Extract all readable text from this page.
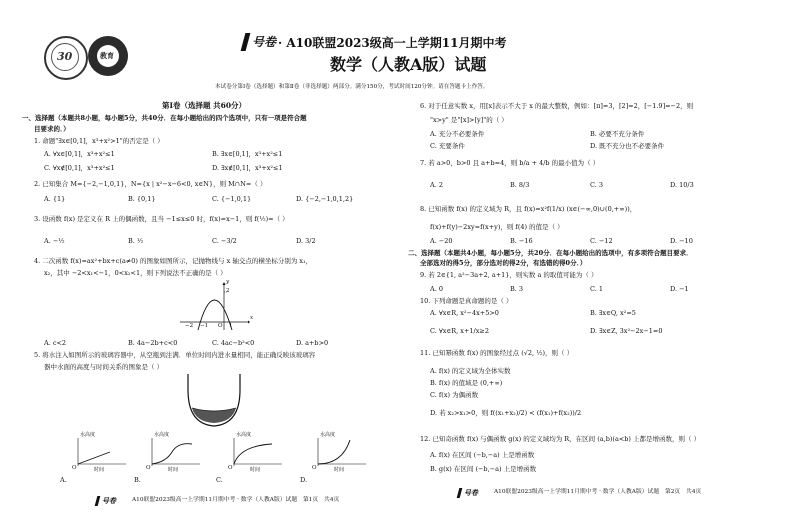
30	教育
号卷 · A10联盟2023级高一上学期11月期中考
数学（人教A版）试题
本试卷分第Ⅰ卷（选择题）和第Ⅱ卷（非选择题）两部分。满分150分，考试时间120分钟。请在答题卡上作答。
第Ⅰ卷（选择题 共60分）
一、选择题（本题共8小题，每小题5分，共40分．在每小题给出的四个选项中，只有一项是符合题
目要求的．）
1. 命题"∃x∈[0,1]，x³+x²>1"的否定是（ ）
A. ∀x∈[0,1]，x³+x²≤1	B. ∃x∈[0,1]，x³+x²≤1
C. ∀x∉[0,1]，x³+x²≤1	D. ∃x∉[0,1]，x³+x²≤1
2. 已知集合 M={−2,−1,0,1}，N={x | x²−x−6<0, x∈N}，则 M∩N=（ ）
A. {1}	B. {0,1}	C. {−1,0,1}	D. {−2,−1,0,1,2}
3. 设函数 f(x) 是定义在 R 上的偶函数，且当 −1≤x≤0 时，f(x)=x−1，则 f(½)=（ ）
A. −½	B. ½	C. −3/2	D. 3/2
4. 二次函数 f(x)=ax²+bx+c(a≠0) 的图象如图所示，记抛物线与 x 轴交点的横坐标分别为 x₁，
x₂，其中 −2<x₁<−1，0<x₂<1，则下列说法不正确的是（ ）
−2 −1 O 1
2
x
y
A. c<2	B. 4a−2b+c<0	C. 4ac−b²<0	D. a+b>0
5. 将水注入如图所示的玻璃容器中，从空瓶到注满．单位时间内进水量相同，能正确反映该玻璃容
器中水面的高度与时间关系的图象是（ ）
水高度	水高度	水高度	水高度
O	O	O	O
时间	时间	时间	时间
A.	B.	C.	D.
号卷	A10联盟2023级高一上学期11月期中考 · 数学（人教A版）试题　第1页　共4页
6. 对于任意实数 x，用[x]表示不大于 x 的最大整数，例如：[π]=3，[2]=2，[−1.9]=−2，则
"x>y" 是"[x]>[y]"的（ ）
A. 充分不必要条件	B. 必要不充分条件
C. 充要条件	D. 既不充分也不必要条件
7. 若 a>0，b>0 且 a+b=4，则 b/a + 4/b 的最小值为（ ）
A. 2	B. 8/3	C. 3	D. 10/3
8. 已知函数 f(x) 的定义域为 R，且 f(x)=x²f(1/x) (x∈(−∞,0)∪(0,+∞))，
f(x)+f(y)−2xy=f(x+y)，则 f(4) 的值是（ ）
A. −20	B. −16	C. −12	D. −10
二、选择题（本题共4小题，每小题5分，共20分．在每小题给出的选项中，有多项符合题目要求．
全部选对的得5分，部分选对的得2分，有选错的得0分．）
9. 若 2∈{1, a²−3a+2, a+1}，则实数 a 的取值可能为（ ）
A. 0	B. 3	C. 1	D. −1
10. 下列命题是真命题的是（ ）
A. ∀x∈R, x²−4x+5>0	B. ∃x∈Q, x²=5
C. ∀x∈R, x+1/x≥2	D. ∃x∈Z, 3x²−2x−1=0
11. 已知幂函数 f(x) 的图象经过点 (√2, ½)，则（ ）
A. f(x) 的定义域为全体实数
B. f(x) 的值域是 (0,+∞)
C. f(x) 为偶函数
D. 若 x₂>x₁>0，则 f((x₁+x₂)/2) < (f(x₁)+f(x₂))/2
12. 已知奇函数 f(x) 与偶函数 g(x) 的定义域均为 R，在区间 (a,b)(a<b) 上都是增函数，则（ ）
A. f(x) 在区间 (−b,−a) 上是增函数
B. g(x) 在区间 (−b,−a) 上是增函数
号卷	A10联盟2023级高一上学期11月期中考 · 数学（人教A版）试题　第2页　共4页
